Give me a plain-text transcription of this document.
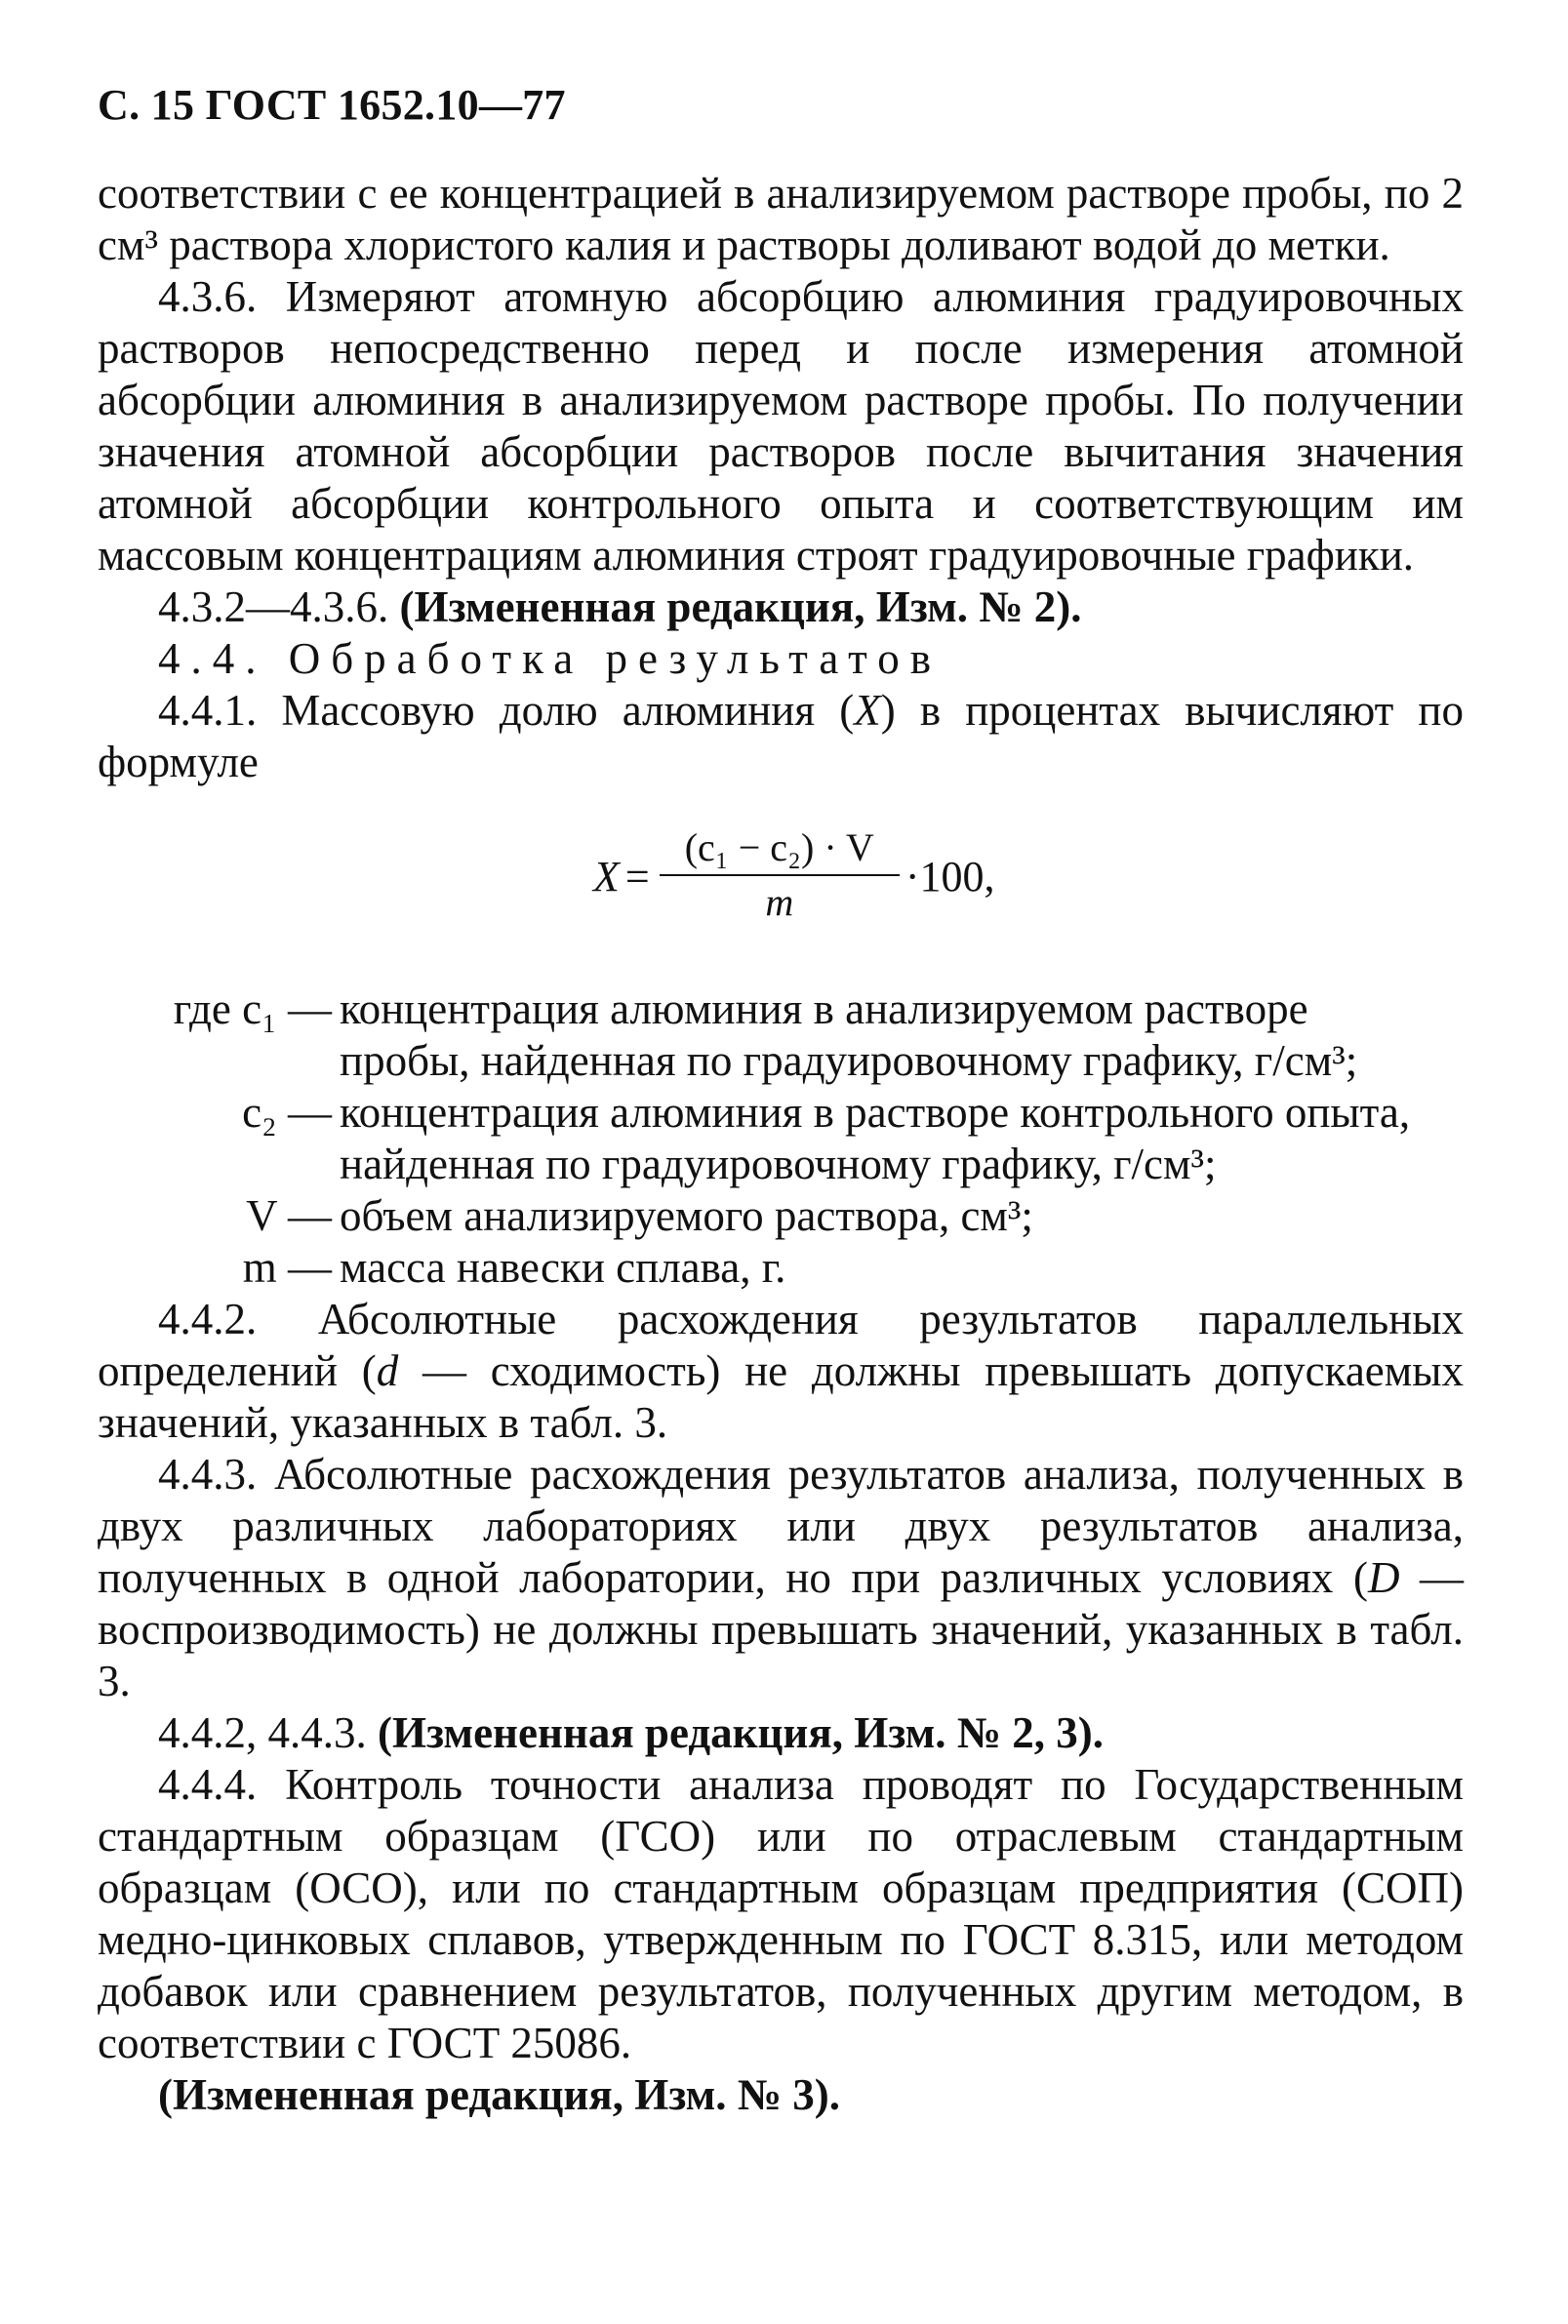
С. 15 ГОСТ 1652.10—77

соответствии с ее концентрацией в анализируемом растворе пробы, по 2 см³ раствора хлористого калия и растворы доливают водой до метки.

4.3.6. Измеряют атомную абсорбцию алюминия градуировочных растворов непосредственно перед и после измерения атомной абсорбции алюминия в анализируемом растворе пробы. По получении значения атомной абсорбции растворов после вычитания значения атомной абсорбции контрольного опыта и соответствующим им массовым концентрациям алюминия строят градуировочные графики.

4.3.2—4.3.6. (Измененная редакция, Изм. № 2).

4.4. Обработка результатов

4.4.1. Массовую долю алюминия (X) в процентах вычисляют по формуле

$X = \frac{\text{(c₁ − c₂) · V}}{m} \cdot 100$,
где c₁ — концентрация алюминия в анализируемом растворе
пробы, найденная по градуировочному графику, г/см³;
c₂ — концентрация алюминия в растворе контрольного опыта,
найденная по градуировочному графику, г/см³;
V — объем анализируемого раствора, см³;
m — масса навески сплава, г.

4.4.2. Абсолютные расхождения результатов параллельных определений (d — сходимость) не должны превышать допускаемых значений, указанных в табл. 3.

4.4.3. Абсолютные расхождения результатов анализа, полученных в двух различных лабораториях или двух результатов анализа, полученных в одной лаборатории, но при различных условиях (D — воспроизводимость) не должны превышать значений, указанных в табл. 3.

4.4.2, 4.4.3. (Измененная редакция, Изм. № 2, 3).

4.4.4. Контроль точности анализа проводят по Государственным стандартным образцам (ГСО) или по отраслевым стандартным образцам (ОСО), или по стандартным образцам предприятия (СОП) медно-цинковых сплавов, утвержденным по ГОСТ 8.315, или методом добавок или сравнением результатов, полученных другим методом, в соответствии с ГОСТ 25086.

(Измененная редакция, Изм. № 3).
